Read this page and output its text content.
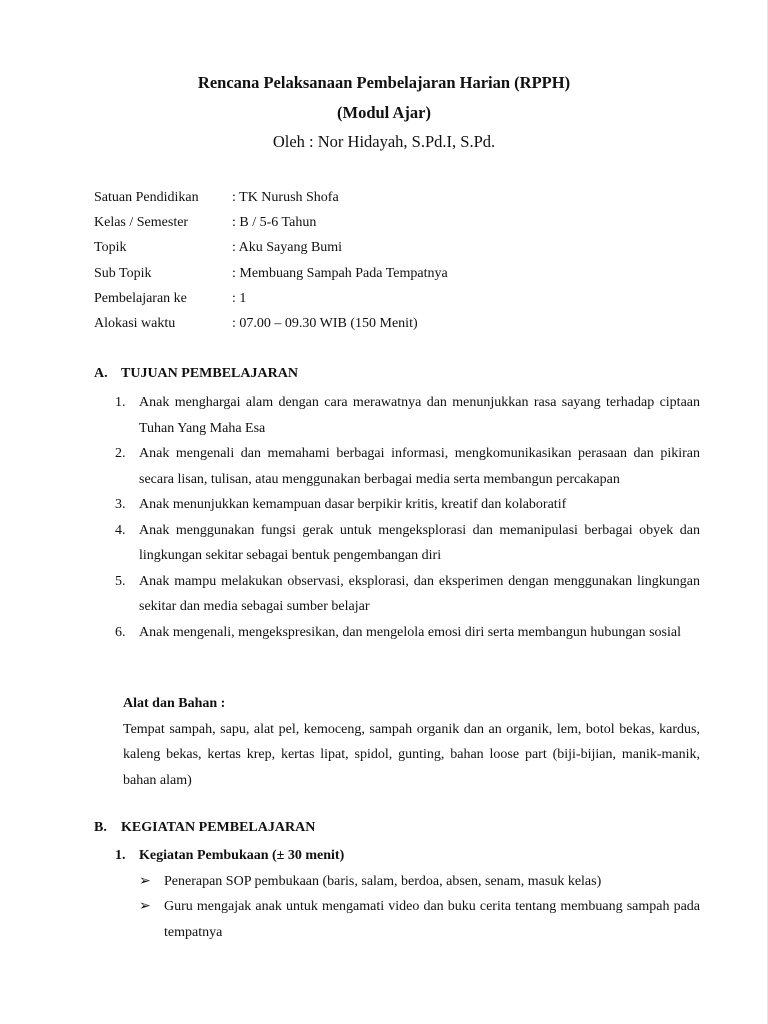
Rencana Pelaksanaan Pembelajaran Harian (RPPH)
(Modul Ajar)
Oleh : Nor Hidayah, S.Pd.I, S.Pd.
Satuan Pendidikan : TK Nurush Shofa
Kelas / Semester	: B / 5-6 Tahun
Topik	: Aku Sayang Bumi
Sub Topik	: Membuang Sampah Pada Tempatnya
Pembelajaran ke	: 1
Alokasi waktu	: 07.00 – 09.30 WIB (150 Menit)
A. TUJUAN PEMBELAJARAN
1. Anak menghargai alam dengan cara merawatnya dan menunjukkan rasa sayang terhadap ciptaan Tuhan Yang Maha Esa
2. Anak mengenali dan memahami berbagai informasi, mengkomunikasikan perasaan dan pikiran secara lisan, tulisan, atau menggunakan berbagai media serta membangun percakapan
3. Anak menunjukkan kemampuan dasar berpikir kritis, kreatif dan kolaboratif
4. Anak menggunakan fungsi gerak untuk mengeksplorasi dan memanipulasi berbagai obyek dan lingkungan sekitar sebagai bentuk pengembangan diri
5. Anak mampu melakukan observasi, eksplorasi, dan eksperimen dengan menggunakan lingkungan sekitar dan media sebagai sumber belajar
6. Anak mengenali, mengekspresikan, dan mengelola emosi diri serta membangun hubungan sosial
Alat dan Bahan :
Tempat sampah, sapu, alat pel, kemoceng, sampah organik dan an organik, lem, botol bekas, kardus, kaleng bekas, kertas krep, kertas lipat, spidol, gunting, bahan loose part (biji-bijian, manik-manik, bahan alam)
B. KEGIATAN PEMBELAJARAN
1. Kegiatan Pembukaan (± 30 menit)
➢ Penerapan SOP pembukaan (baris, salam, berdoa, absen, senam, masuk kelas)
➢ Guru mengajak anak untuk mengamati video dan buku cerita tentang membuang sampah pada tempatnya
